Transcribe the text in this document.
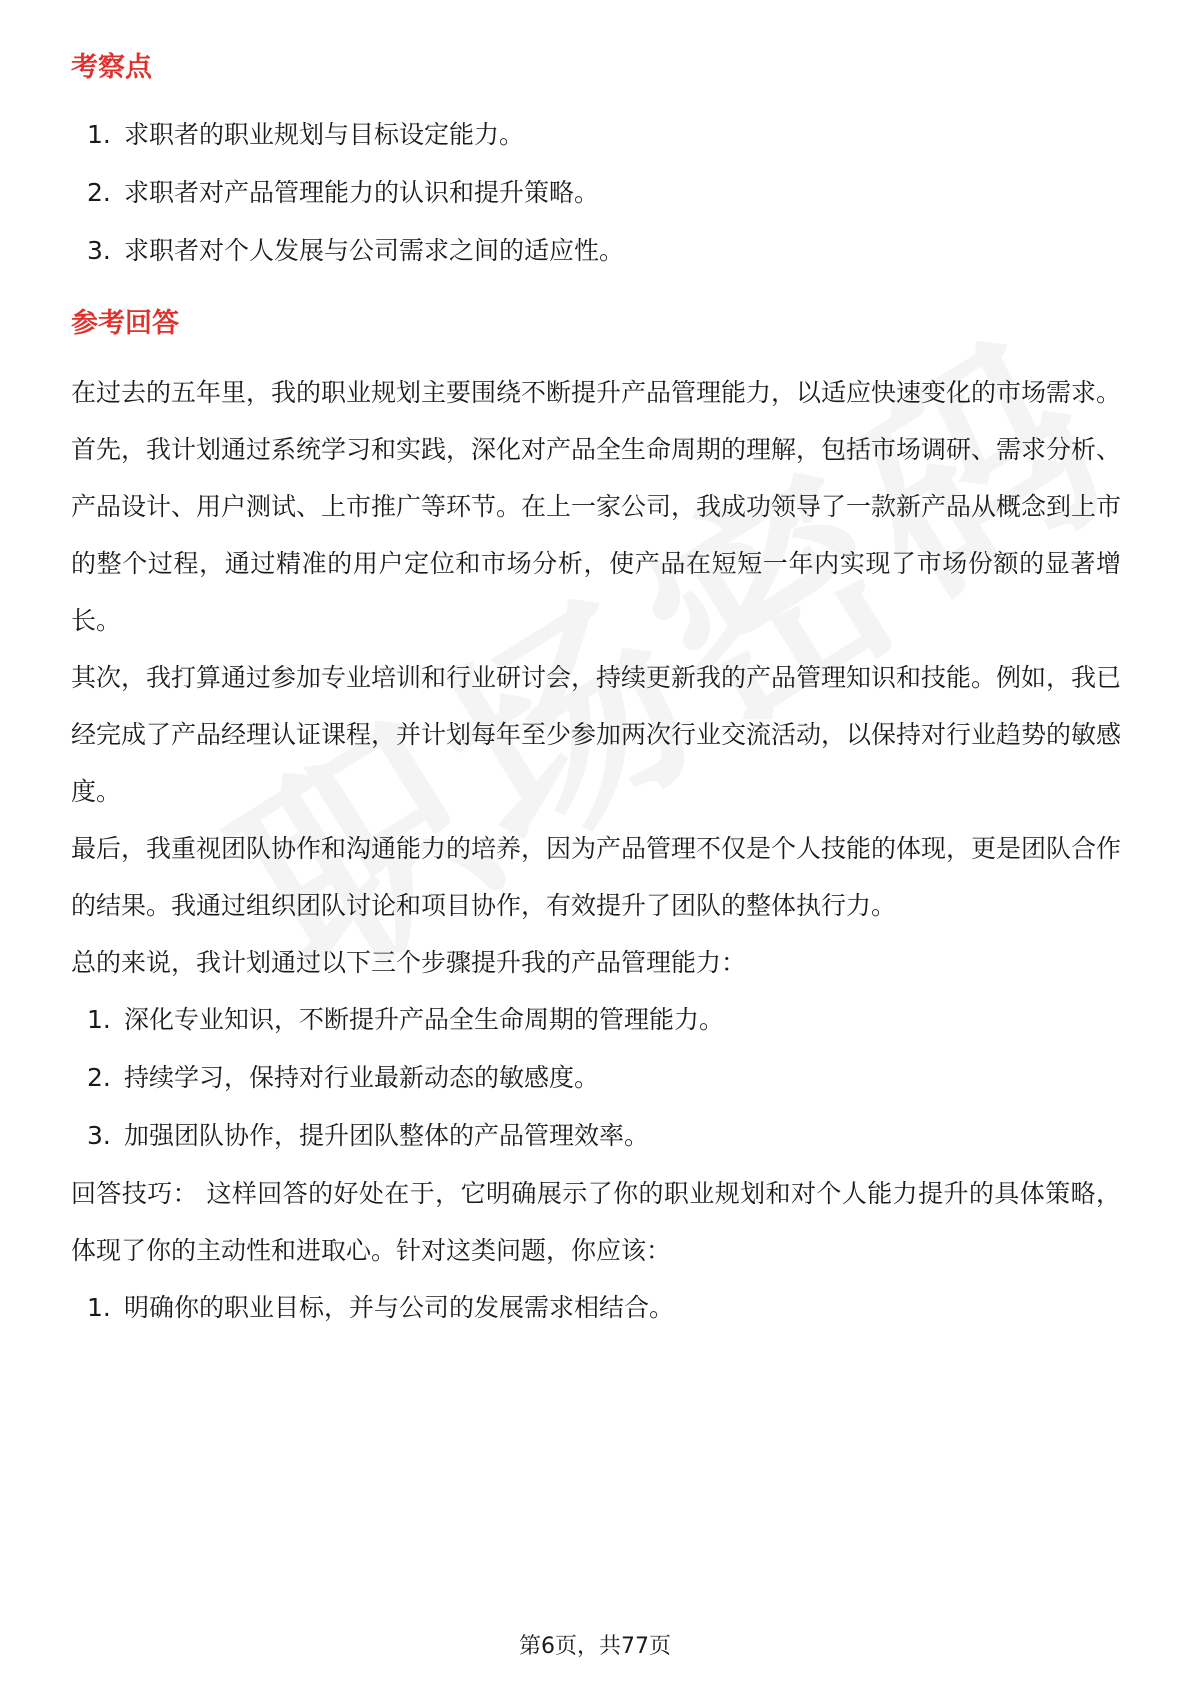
考察点
1. 求职者的职业规划与目标设定能力。
2. 求职者对产品管理能力的认识和提升策略。
3. 求职者对个人发展与公司需求之间的适应性。
参考回答

在过去的五年里，我的职业规划主要围绕不断提升产品管理能力，以适应快速变化的市场需求。首先，我计划通过系统学习和实践，深化对产品全生命周期的理解，包括市场调研、需求分析、产品设计、用户测试、上市推广等环节。在上一家公司，我成功领导了一款新产品从概念到上市的整个过程，通过精准的用户定位和市场分析，使产品在短短一年内实现了市场份额的显著增长。

其次，我打算通过参加专业培训和行业研讨会，持续更新我的产品管理知识和技能。例如，我已经完成了产品经理认证课程，并计划每年至少参加两次行业交流活动，以保持对行业趋势的敏感度。

最后，我重视团队协作和沟通能力的培养，因为产品管理不仅是个人技能的体现，更是团队合作的结果。我通过组织团队讨论和项目协作，有效提升了团队的整体执行力。

总的来说，我计划通过以下三个步骤提升我的产品管理能力：

1. 深化专业知识，不断提升产品全生命周期的管理能力。
2. 持续学习，保持对行业最新动态的敏感度。
3. 加强团队协作，提升团队整体的产品管理效率。

回答技巧： 这样回答的好处在于，它明确展示了你的职业规划和对个人能力提升的具体策略，体现了你的主动性和进取心。针对这类问题，你应该：

1. 明确你的职业目标，并与公司的发展需求相结合。
第6页，共77页
